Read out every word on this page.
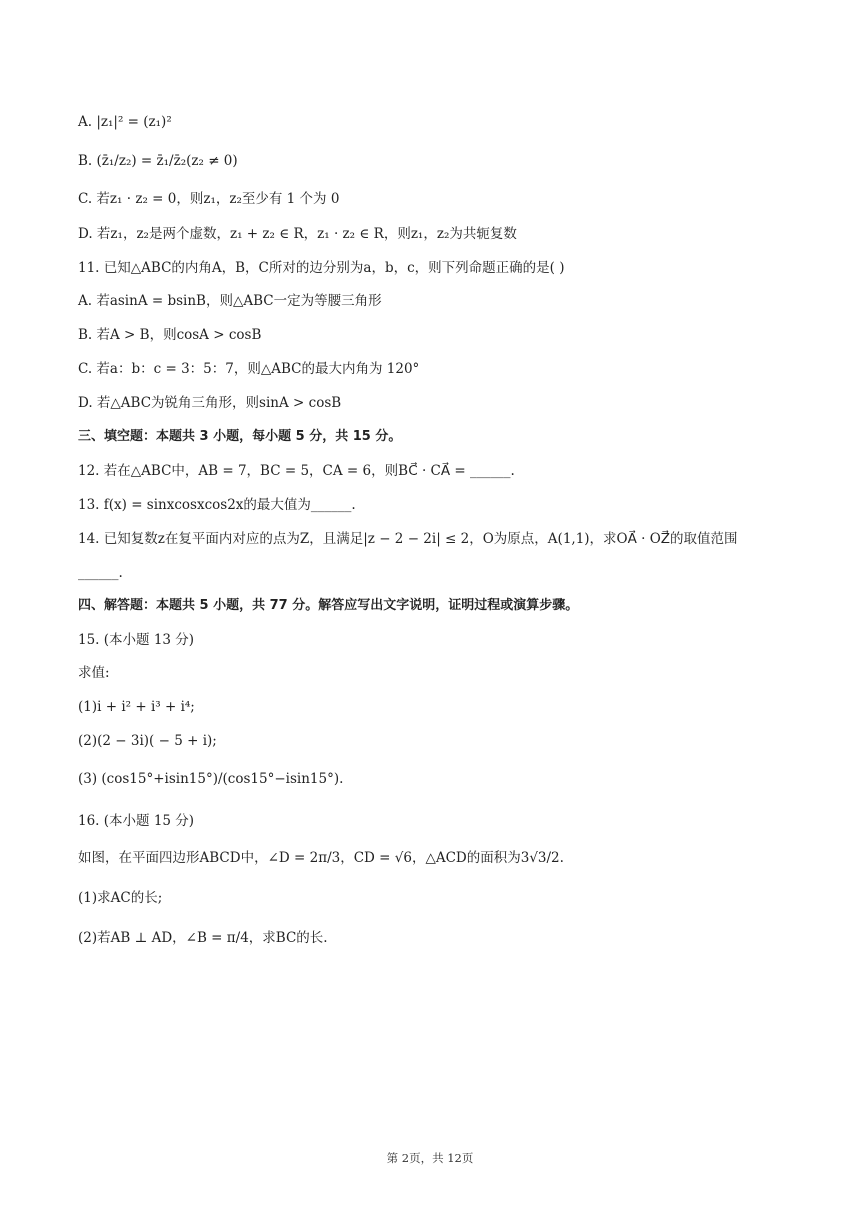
A. |z₁|² = (z₁)²
B. (z̄₁/z₂) = z̄₁/z̄₂(z₂ ≠ 0)
C. 若z₁ · z₂ = 0，则z₁，z₂至少有 1 个为 0
D. 若z₁，z₂是两个虚数，z₁ + z₂ ∈ R，z₁ · z₂ ∈ R，则z₁，z₂为共轭复数
11. 已知△ABC的内角A，B，C所对的边分别为a，b，c，则下列命题正确的是( )
A. 若asinA = bsinB，则△ABC一定为等腰三角形
B. 若A > B，则cosA > cosB
C. 若a：b：c = 3：5：7，则△ABC的最大内角为 120°
D. 若△ABC为锐角三角形，则sinA > cosB
三、填空题：本题共 3 小题，每小题 5 分，共 15 分。
12. 若在△ABC中，AB = 7，BC = 5，CA = 6，则BC⃗ · CA⃗ = ______.
13. f(x) = sinxcosxcos2x的最大值为______.
14. 已知复数z在复平面内对应的点为Z，且满足|z − 2 − 2i| ≤ 2，O为原点，A(1,1)，求OA⃗ · OZ⃗的取值范围
______.
四、解答题：本题共 5 小题，共 77 分。解答应写出文字说明，证明过程或演算步骤。
15. (本小题 13 分)
求值:
(1)i + i² + i³ + i⁴;
(2)(2 − 3i)( − 5 + i);
(3) (cos15°+isin15°)/(cos15°−isin15°).
16. (本小题 15 分)
如图，在平面四边形ABCD中，∠D = 2π/3，CD = √6，△ACD的面积为3√3/2.
(1)求AC的长;
(2)若AB ⊥ AD，∠B = π/4，求BC的长.
第 2页，共 12页
